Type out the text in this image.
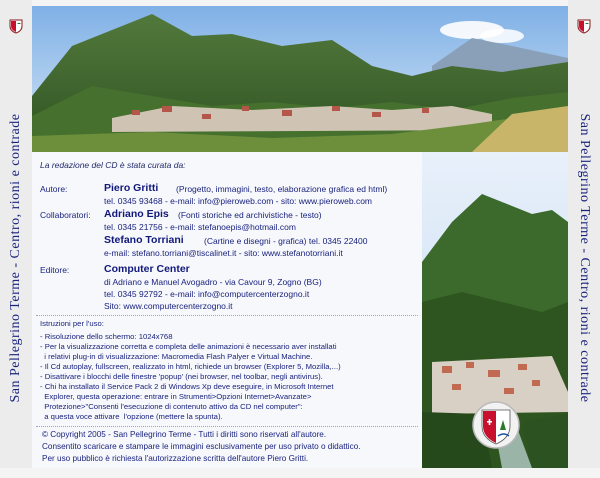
San Pellegrino Terme - Centro, rioni e contrade	San Pellegrino Terme - Centro, rioni e contrade

La redazione del CD è stata curata da:

Autore:	Piero Gritti (Progetto, immagini, testo, elaborazione grafica ed html)

tel. 0345 93468 - e-mail: info@pieroweb.com - sito: www.pieroweb.com

Collaboratori: Adriano Epis (Fonti storiche ed archivistiche - testo)

tel. 0345 21756 - e-mail: stefanoepis@hotmail.com

Stefano Torriani (Cartine e disegni - grafica) tel. 0345 22400

e-mail: stefano.torriani@tiscalinet.it - sito: www.stefanotorriani.it

Editore:	Computer Center

di Adriano e Manuel Avogadro - via Cavour 9, Zogno (BG)

tel. 0345 92792 - e-mail: info@computercenterzogno.it

Sito: www.computercenterzogno.it

Istruzioni per l'uso:

- Risoluzione dello schermo: 1024x768

- Per la visualizzazione corretta e completa delle animazioni è necessario aver installati

i relativi plug-in di visualizzazione: Macromedia Flash Palyer e Virtual Machine.

- Il Cd autoplay, fullscreen, realizzato in html, richiede un browser (Explorer 5, Mozilla,...)

- Disattivare i blocchi delle finestre 'popup' (nei browser, nel toolbar, negli antivirus).

- Chi ha installato il Service Pack 2 di Windows Xp deve eseguire, in Microsoft Internet

Explorer, questa operazione: entrare in Strumenti>Opzioni Internet>Avanzate>

Protezione>"Consenti l'esecuzione di contenuto attivo da CD nel computer":

a questa voce attivare  l'opzione (mettere la spunta).

© Copyright 2005 - San Pellegrino Terme - Tutti i diritti sono riservati all'autore.

Consentito scaricare e stampare le immagini esclusivamente per uso privato o didattico.

Per uso pubblico è richiesta l'autorizzazione scritta dell'autore Piero Gritti.
